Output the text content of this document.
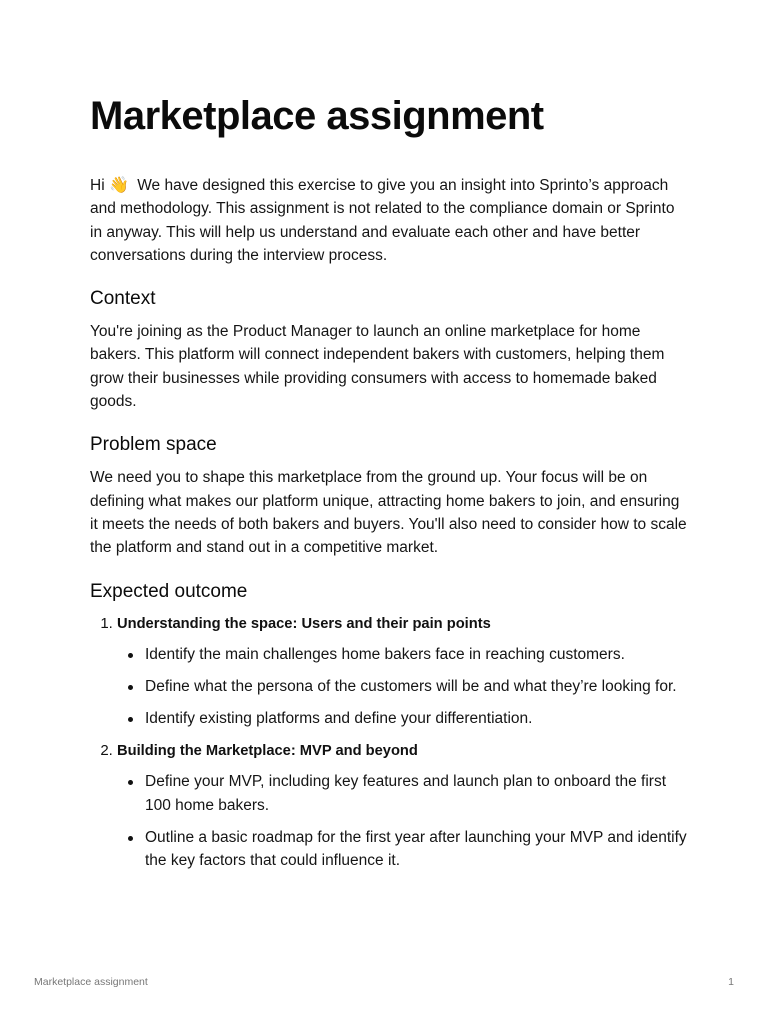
Marketplace assignment

Hi 👋 We have designed this exercise to give you an insight into Sprinto’s approach and methodology. This assignment is not related to the compliance domain or Sprinto in anyway. This will help us understand and evaluate each other and have better conversations during the interview process.

Context

You're joining as the Product Manager to launch an online marketplace for home bakers. This platform will connect independent bakers with customers, helping them grow their businesses while providing consumers with access to homemade baked goods.

Problem space

We need you to shape this marketplace from the ground up. Your focus will be on defining what makes our platform unique, attracting home bakers to join, and ensuring it meets the needs of both bakers and buyers. You'll also need to consider how to scale the platform and stand out in a competitive market.

Expected outcome
1. Understanding the space: Users and their pain points
Identify the main challenges home bakers face in reaching customers.
Define what the persona of the customers will be and what they’re looking for.
Identify existing platforms and define your differentiation.
2. Building the Marketplace: MVP and beyond
Define your MVP, including key features and launch plan to onboard the first 100 home bakers.
Outline a basic roadmap for the first year after launching your MVP and identify the key factors that could influence it.
Marketplace assignment	1
